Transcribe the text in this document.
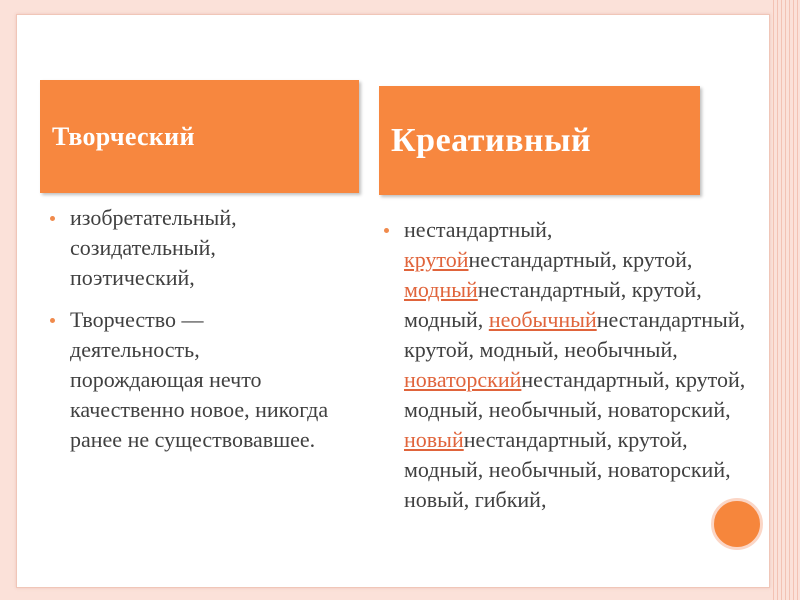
Творческий	Креативный
изобретательный, созидательный, поэтический,
Творчество — деятельность, порождающая нечто качественно новое, никогда ранее не существовавшее.
нестандартный,
крутойнестандартный, крутой, модныйнестандартный, крутой, модный, необычныйнестандартный, крутой, модный, необычный, новаторскийнестандартный, крутой, модный, необычный, новаторский, новыйнестандартный, крутой, модный, необычный, новаторский, новый, гибкий,
